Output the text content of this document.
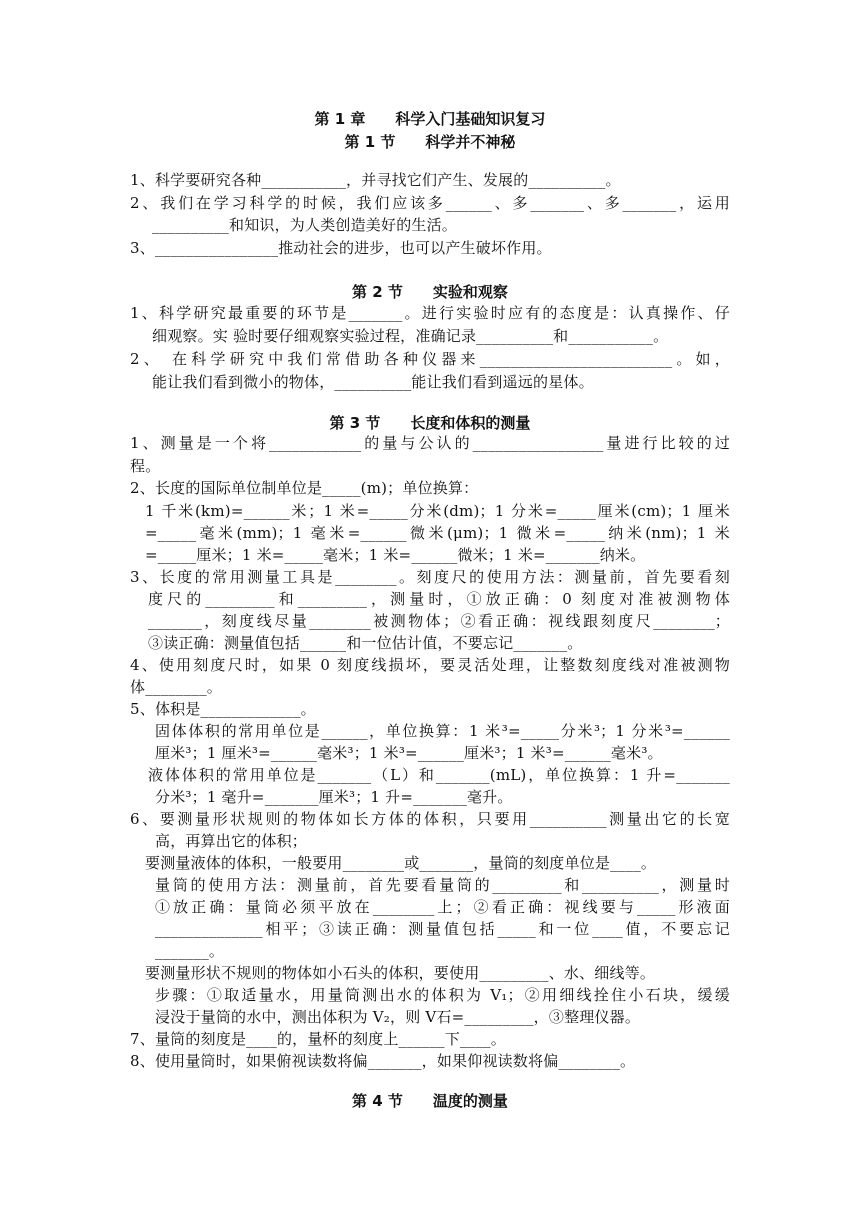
第 1 章　　科学入门基础知识复习
第 1 节　　科学并不神秘
1、科学要研究各种___________，并寻找它们产生、发展的__________。
2、我们在学习科学的时候，我们应该多______、多_______、多_______，运用
__________和知识，为人类创造美好的生活。
3、________________推动社会的进步，也可以产生破坏作用。
第 2 节　　实验和观察
1、科学研究最重要的环节是_______。进行实验时应有的态度是：认真操作、仔
细观察。实 验时要仔细观察实验过程，准确记录__________和___________。
2、 在科学研究中我们常借助各种仪器来_________________________。如，
能让我们看到微小的物体，__________能让我们看到遥远的星体。
第 3 节　　长度和体积的测量
1、测量是一个将____________的量与公认的_________________量进行比较的过
程。
2、长度的国际单位制单位是_____(m)；单位换算：
1 千米(km)=______米；1 米=_____分米(dm)；1 分米=_____厘米(cm)；1 厘米
=_____毫米(mm)；1 毫米=______微米(μm)；1 微米=_____纳米(nm)；1 米
=_____厘米；1 米=_____毫米；1 米=______微米；1 米=_______纳米。
3、长度的常用测量工具是________。刻度尺的使用方法：测量前，首先要看刻
度尺的_________和_________，测量时，①放正确：0 刻度对准被测物体
_______，刻度线尽量________被测物体；②看正确：视线跟刻度尺________；
③读正确：测量值包括______和一位估计值，不要忘记_______。
4、使用刻度尺时，如果 0 刻度线损坏，要灵活处理，让整数刻度线对准被测物
体________。
5、体积是_____________。
固体体积的常用单位是______，单位换算：1 米³=_____分米³；1 分米³=______
厘米³；1 厘米³=______毫米³；1 米³=______厘米³；1 米³=______毫米³。
液体体积的常用单位是_______（L）和_______(mL)，单位换算：1 升=_______
分米³；1 毫升=_______厘米³；1 升=_______毫升。
6、要测量形状规则的物体如长方体的体积，只要用__________测量出它的长宽
高，再算出它的体积；
要测量液体的体积，一般要用________或_______，量筒的刻度单位是____。
量筒的使用方法：测量前，首先要看量筒的_________和__________，测量时
①放正确：量筒必须平放在________上；②看正确：视线要与_____形液面
______________相平；③读正确：测量值包括_____和一位____值，不要忘记
_______。
要测量形状不规则的物体如小石头的体积，要使用_________、水、细线等。
步骤：①取适量水，用量筒测出水的体积为 V₁；②用细线拴住小石块，缓缓
浸没于量筒的水中，测出体积为 V₂，则 V石=_________，③整理仪器。
7、量筒的刻度是____的，量杯的刻度上______下____。
8、使用量筒时，如果俯视读数将偏_______，如果仰视读数将偏________。
第 4 节　　温度的测量
